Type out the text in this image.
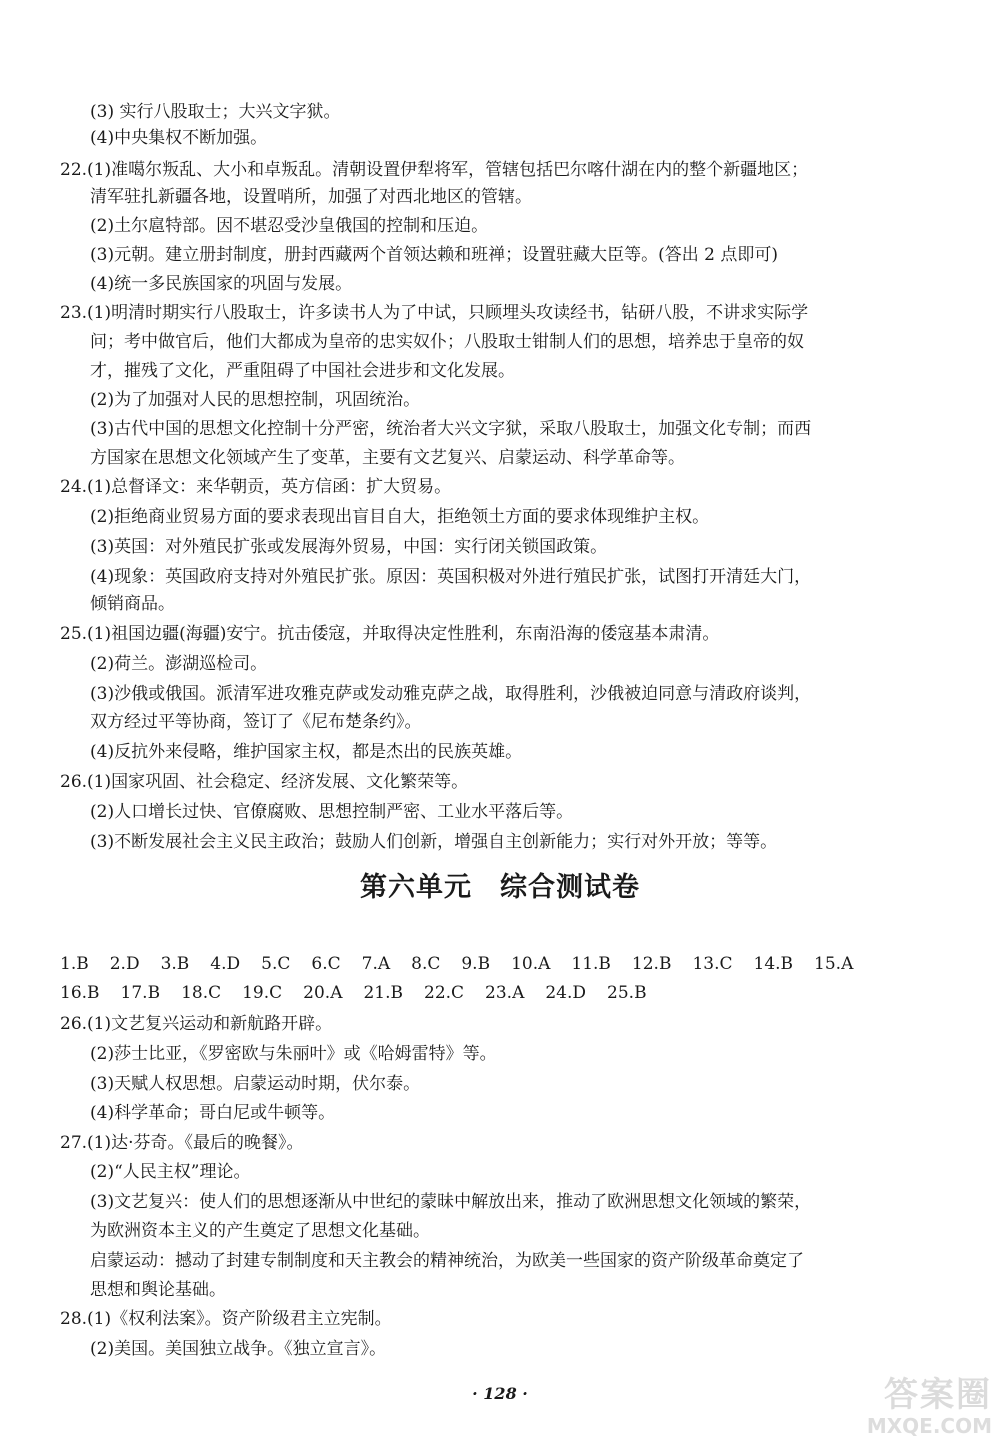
(3) 实行八股取士；大兴文字狱。
(4)中央集权不断加强。
22.(1)准噶尔叛乱、大小和卓叛乱。清朝设置伊犁将军，管辖包括巴尔喀什湖在内的整个新疆地区；
清军驻扎新疆各地，设置哨所，加强了对西北地区的管辖。
(2)土尔扈特部。因不堪忍受沙皇俄国的控制和压迫。
(3)元朝。建立册封制度，册封西藏两个首领达赖和班禅；设置驻藏大臣等。(答出 2 点即可)
(4)统一多民族国家的巩固与发展。
23.(1)明清时期实行八股取士，许多读书人为了中试，只顾埋头攻读经书，钻研八股，不讲求实际学
问；考中做官后，他们大都成为皇帝的忠实奴仆；八股取士钳制人们的思想，培养忠于皇帝的奴
才，摧残了文化，严重阻碍了中国社会进步和文化发展。
(2)为了加强对人民的思想控制，巩固统治。
(3)古代中国的思想文化控制十分严密，统治者大兴文字狱，采取八股取士，加强文化专制；而西
方国家在思想文化领域产生了变革，主要有文艺复兴、启蒙运动、科学革命等。
24.(1)总督译文：来华朝贡，英方信函：扩大贸易。
(2)拒绝商业贸易方面的要求表现出盲目自大，拒绝领土方面的要求体现维护主权。
(3)英国：对外殖民扩张或发展海外贸易，中国：实行闭关锁国政策。
(4)现象：英国政府支持对外殖民扩张。原因：英国积极对外进行殖民扩张，试图打开清廷大门，
倾销商品。
25.(1)祖国边疆(海疆)安宁。抗击倭寇，并取得决定性胜利，东南沿海的倭寇基本肃清。
(2)荷兰。澎湖巡检司。
(3)沙俄或俄国。派清军进攻雅克萨或发动雅克萨之战，取得胜利，沙俄被迫同意与清政府谈判，
双方经过平等协商，签订了《尼布楚条约》。
(4)反抗外来侵略，维护国家主权，都是杰出的民族英雄。
26.(1)国家巩固、社会稳定、经济发展、文化繁荣等。
(2)人口增长过快、官僚腐败、思想控制严密、工业水平落后等。
(3)不断发展社会主义民主政治；鼓励人们创新，增强自主创新能力；实行对外开放；等等。
第六单元　综合测试卷
1.B 2.D 3.B 4.D 5.C 6.C 7.A 8.C 9.B 10.A 11.B 12.B 13.C 14.B 15.A
16.B 17.B 18.C 19.C 20.A 21.B 22.C 23.A 24.D 25.B
26.(1)文艺复兴运动和新航路开辟。
(2)莎士比亚，《罗密欧与朱丽叶》或《哈姆雷特》等。
(3)天赋人权思想。启蒙运动时期，伏尔泰。
(4)科学革命；哥白尼或牛顿等。
27.(1)达·芬奇。《最后的晚餐》。
(2)“人民主权”理论。
(3)文艺复兴：使人们的思想逐渐从中世纪的蒙昧中解放出来，推动了欧洲思想文化领域的繁荣，
为欧洲资本主义的产生奠定了思想文化基础。
启蒙运动：撼动了封建专制制度和天主教会的精神统治，为欧美一些国家的资产阶级革命奠定了
思想和舆论基础。
28.(1)《权利法案》。资产阶级君主立宪制。
(2)美国。美国独立战争。《独立宣言》。
· 128 ·	答案圈
MXQE.COM
